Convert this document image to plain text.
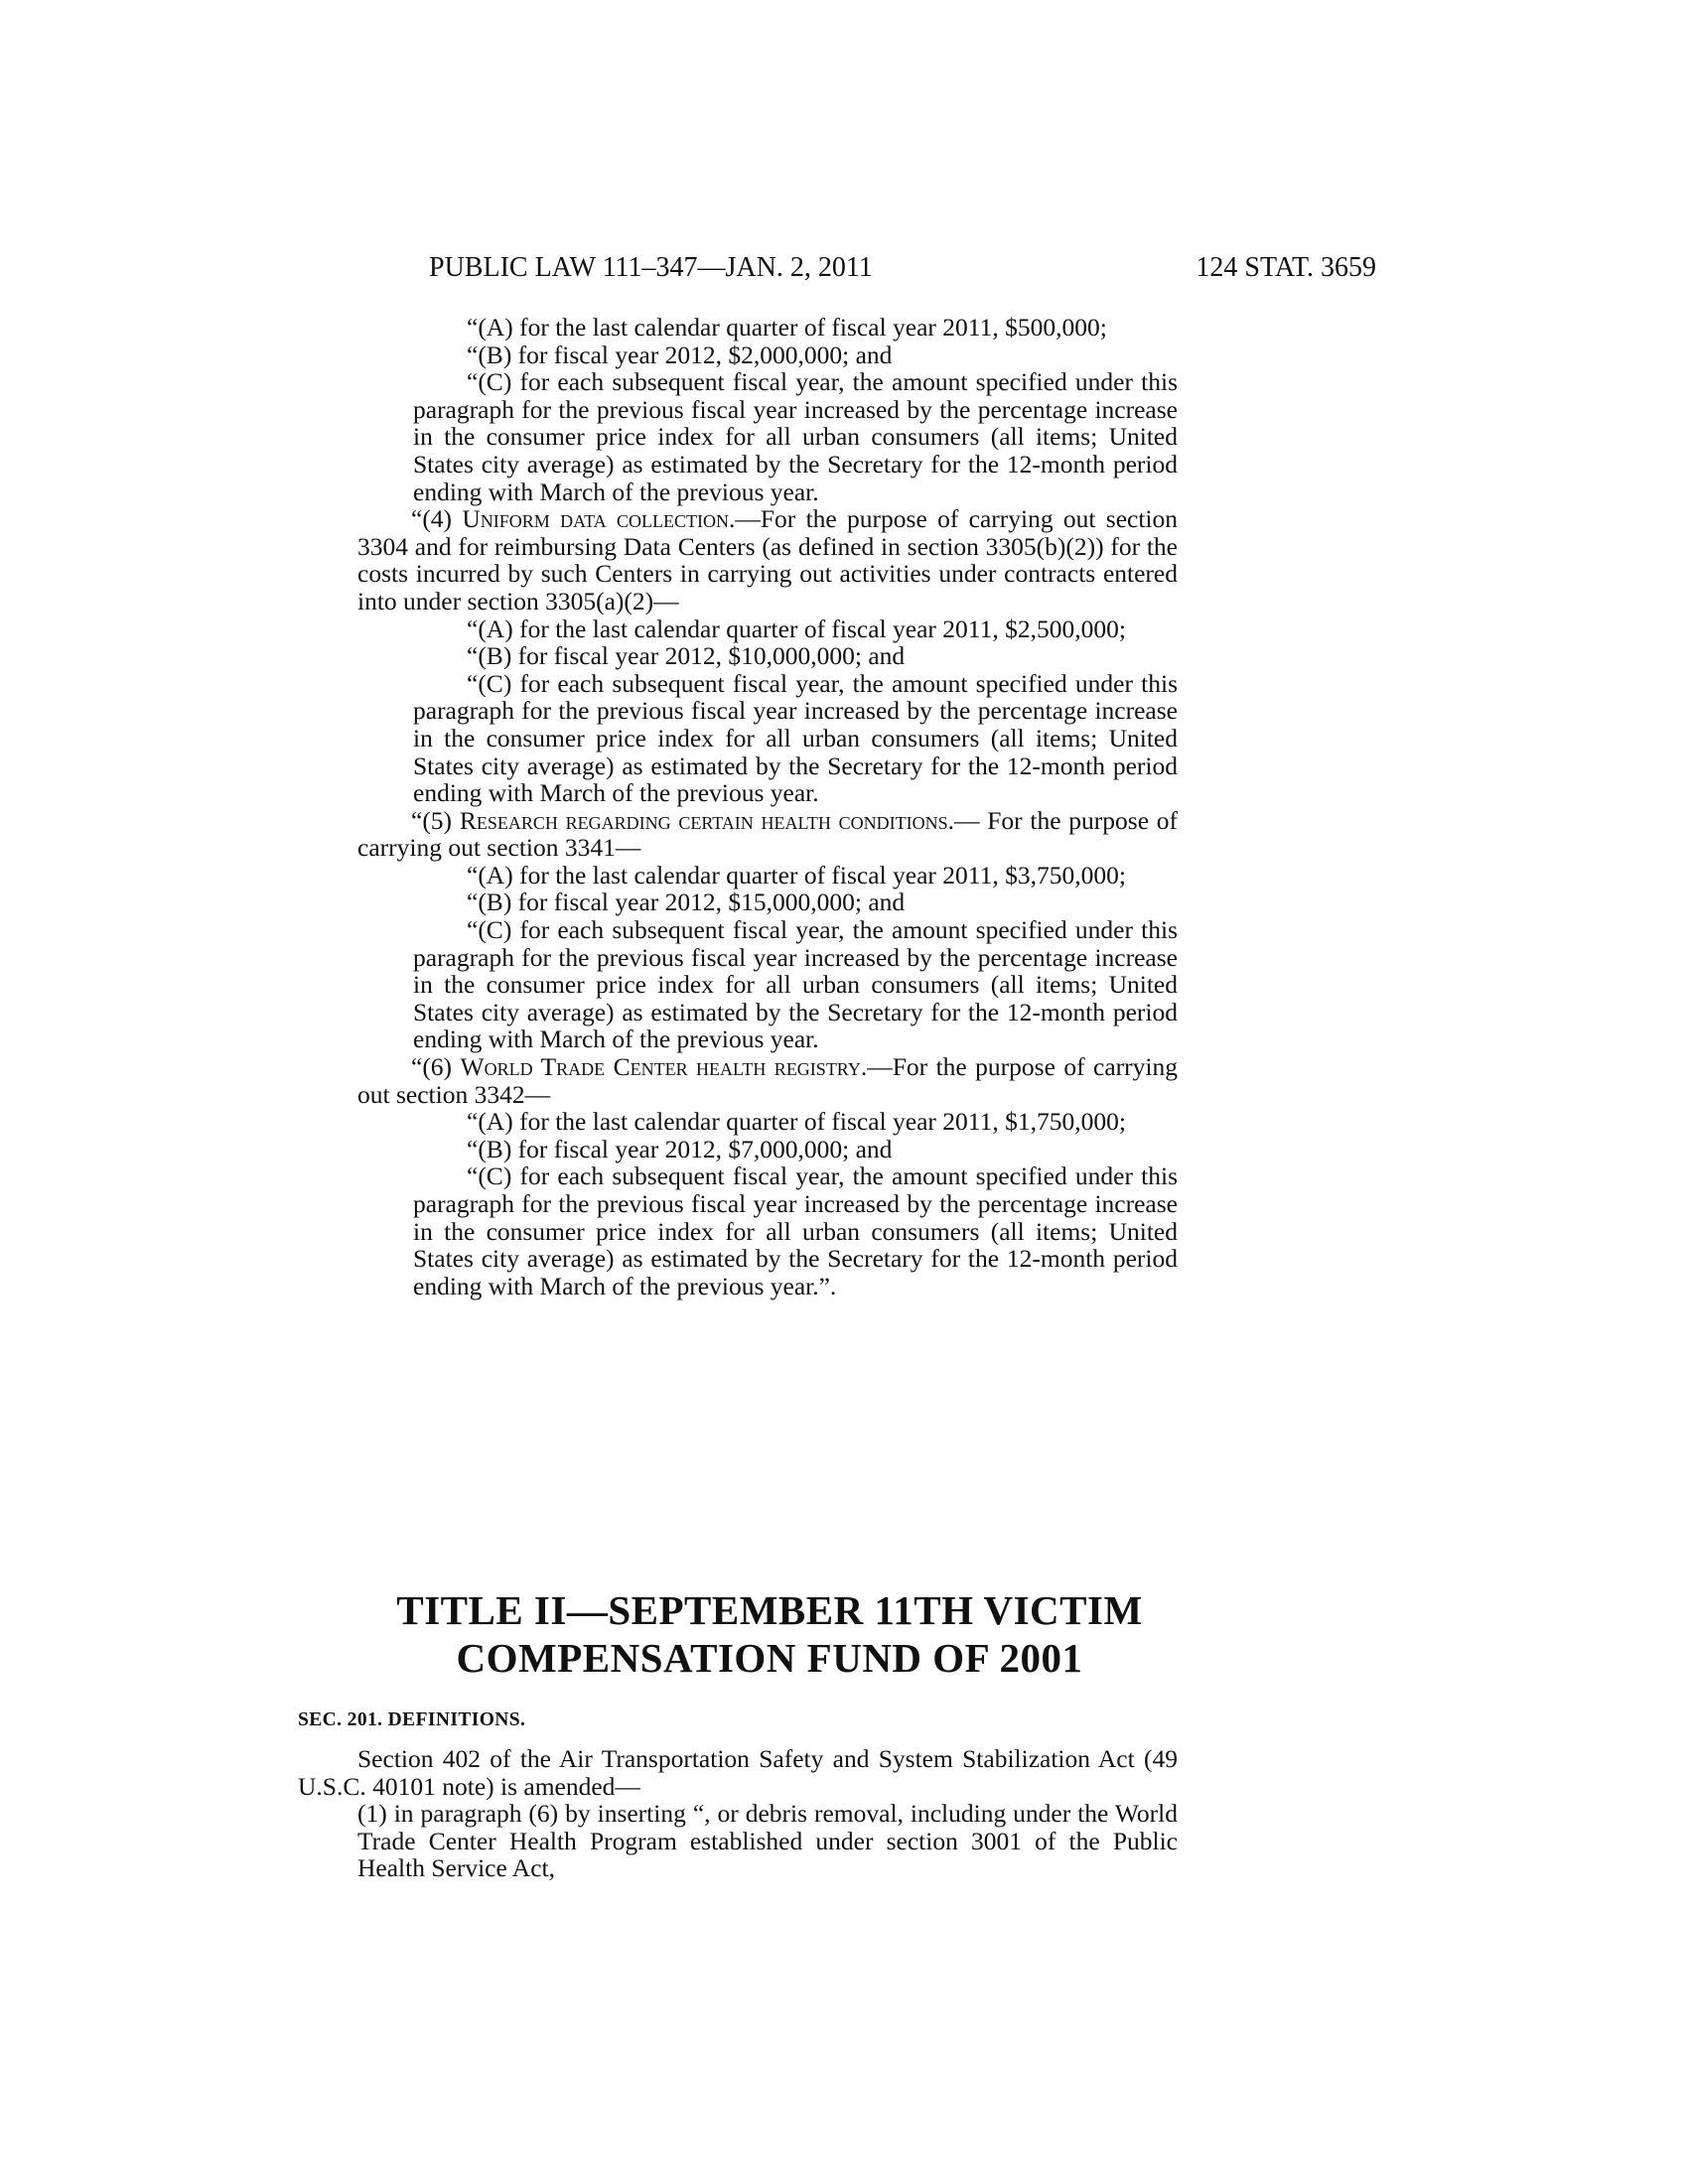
PUBLIC LAW 111–347—JAN. 2, 2011	124 STAT. 3659

“(A) for the last calendar quarter of fiscal year 2011, $500,000;

“(B) for fiscal year 2012, $2,000,000; and

“(C) for each subsequent fiscal year, the amount specified under this paragraph for the previous fiscal year increased by the percentage increase in the consumer price index for all urban consumers (all items; United States city average) as estimated by the Secretary for the 12-month period ending with March of the previous year.

“(4) Uniform data collection.—For the purpose of carrying out section 3304 and for reimbursing Data Centers (as defined in section 3305(b)(2)) for the costs incurred by such Centers in carrying out activities under contracts entered into under section 3305(a)(2)—

“(A) for the last calendar quarter of fiscal year 2011, $2,500,000;

“(B) for fiscal year 2012, $10,000,000; and

“(C) for each subsequent fiscal year, the amount specified under this paragraph for the previous fiscal year increased by the percentage increase in the consumer price index for all urban consumers (all items; United States city average) as estimated by the Secretary for the 12-month period ending with March of the previous year.

“(5) Research regarding certain health conditions.— For the purpose of carrying out section 3341—

“(A) for the last calendar quarter of fiscal year 2011, $3,750,000;

“(B) for fiscal year 2012, $15,000,000; and

“(C) for each subsequent fiscal year, the amount specified under this paragraph for the previous fiscal year increased by the percentage increase in the consumer price index for all urban consumers (all items; United States city average) as estimated by the Secretary for the 12-month period ending with March of the previous year.

“(6) World Trade Center health registry.—For the purpose of carrying out section 3342—

“(A) for the last calendar quarter of fiscal year 2011, $1,750,000;

“(B) for fiscal year 2012, $7,000,000; and

“(C) for each subsequent fiscal year, the amount specified under this paragraph for the previous fiscal year increased by the percentage increase in the consumer price index for all urban consumers (all items; United States city average) as estimated by the Secretary for the 12-month period ending with March of the previous year.”.

TITLE II—SEPTEMBER 11TH VICTIM
COMPENSATION FUND OF 2001
SEC. 201. DEFINITIONS.

Section 402 of the Air Transportation Safety and System Stabilization Act (49 U.S.C. 40101 note) is amended—

(1) in paragraph (6) by inserting “, or debris removal, including under the World Trade Center Health Program established under section 3001 of the Public Health Service Act,
